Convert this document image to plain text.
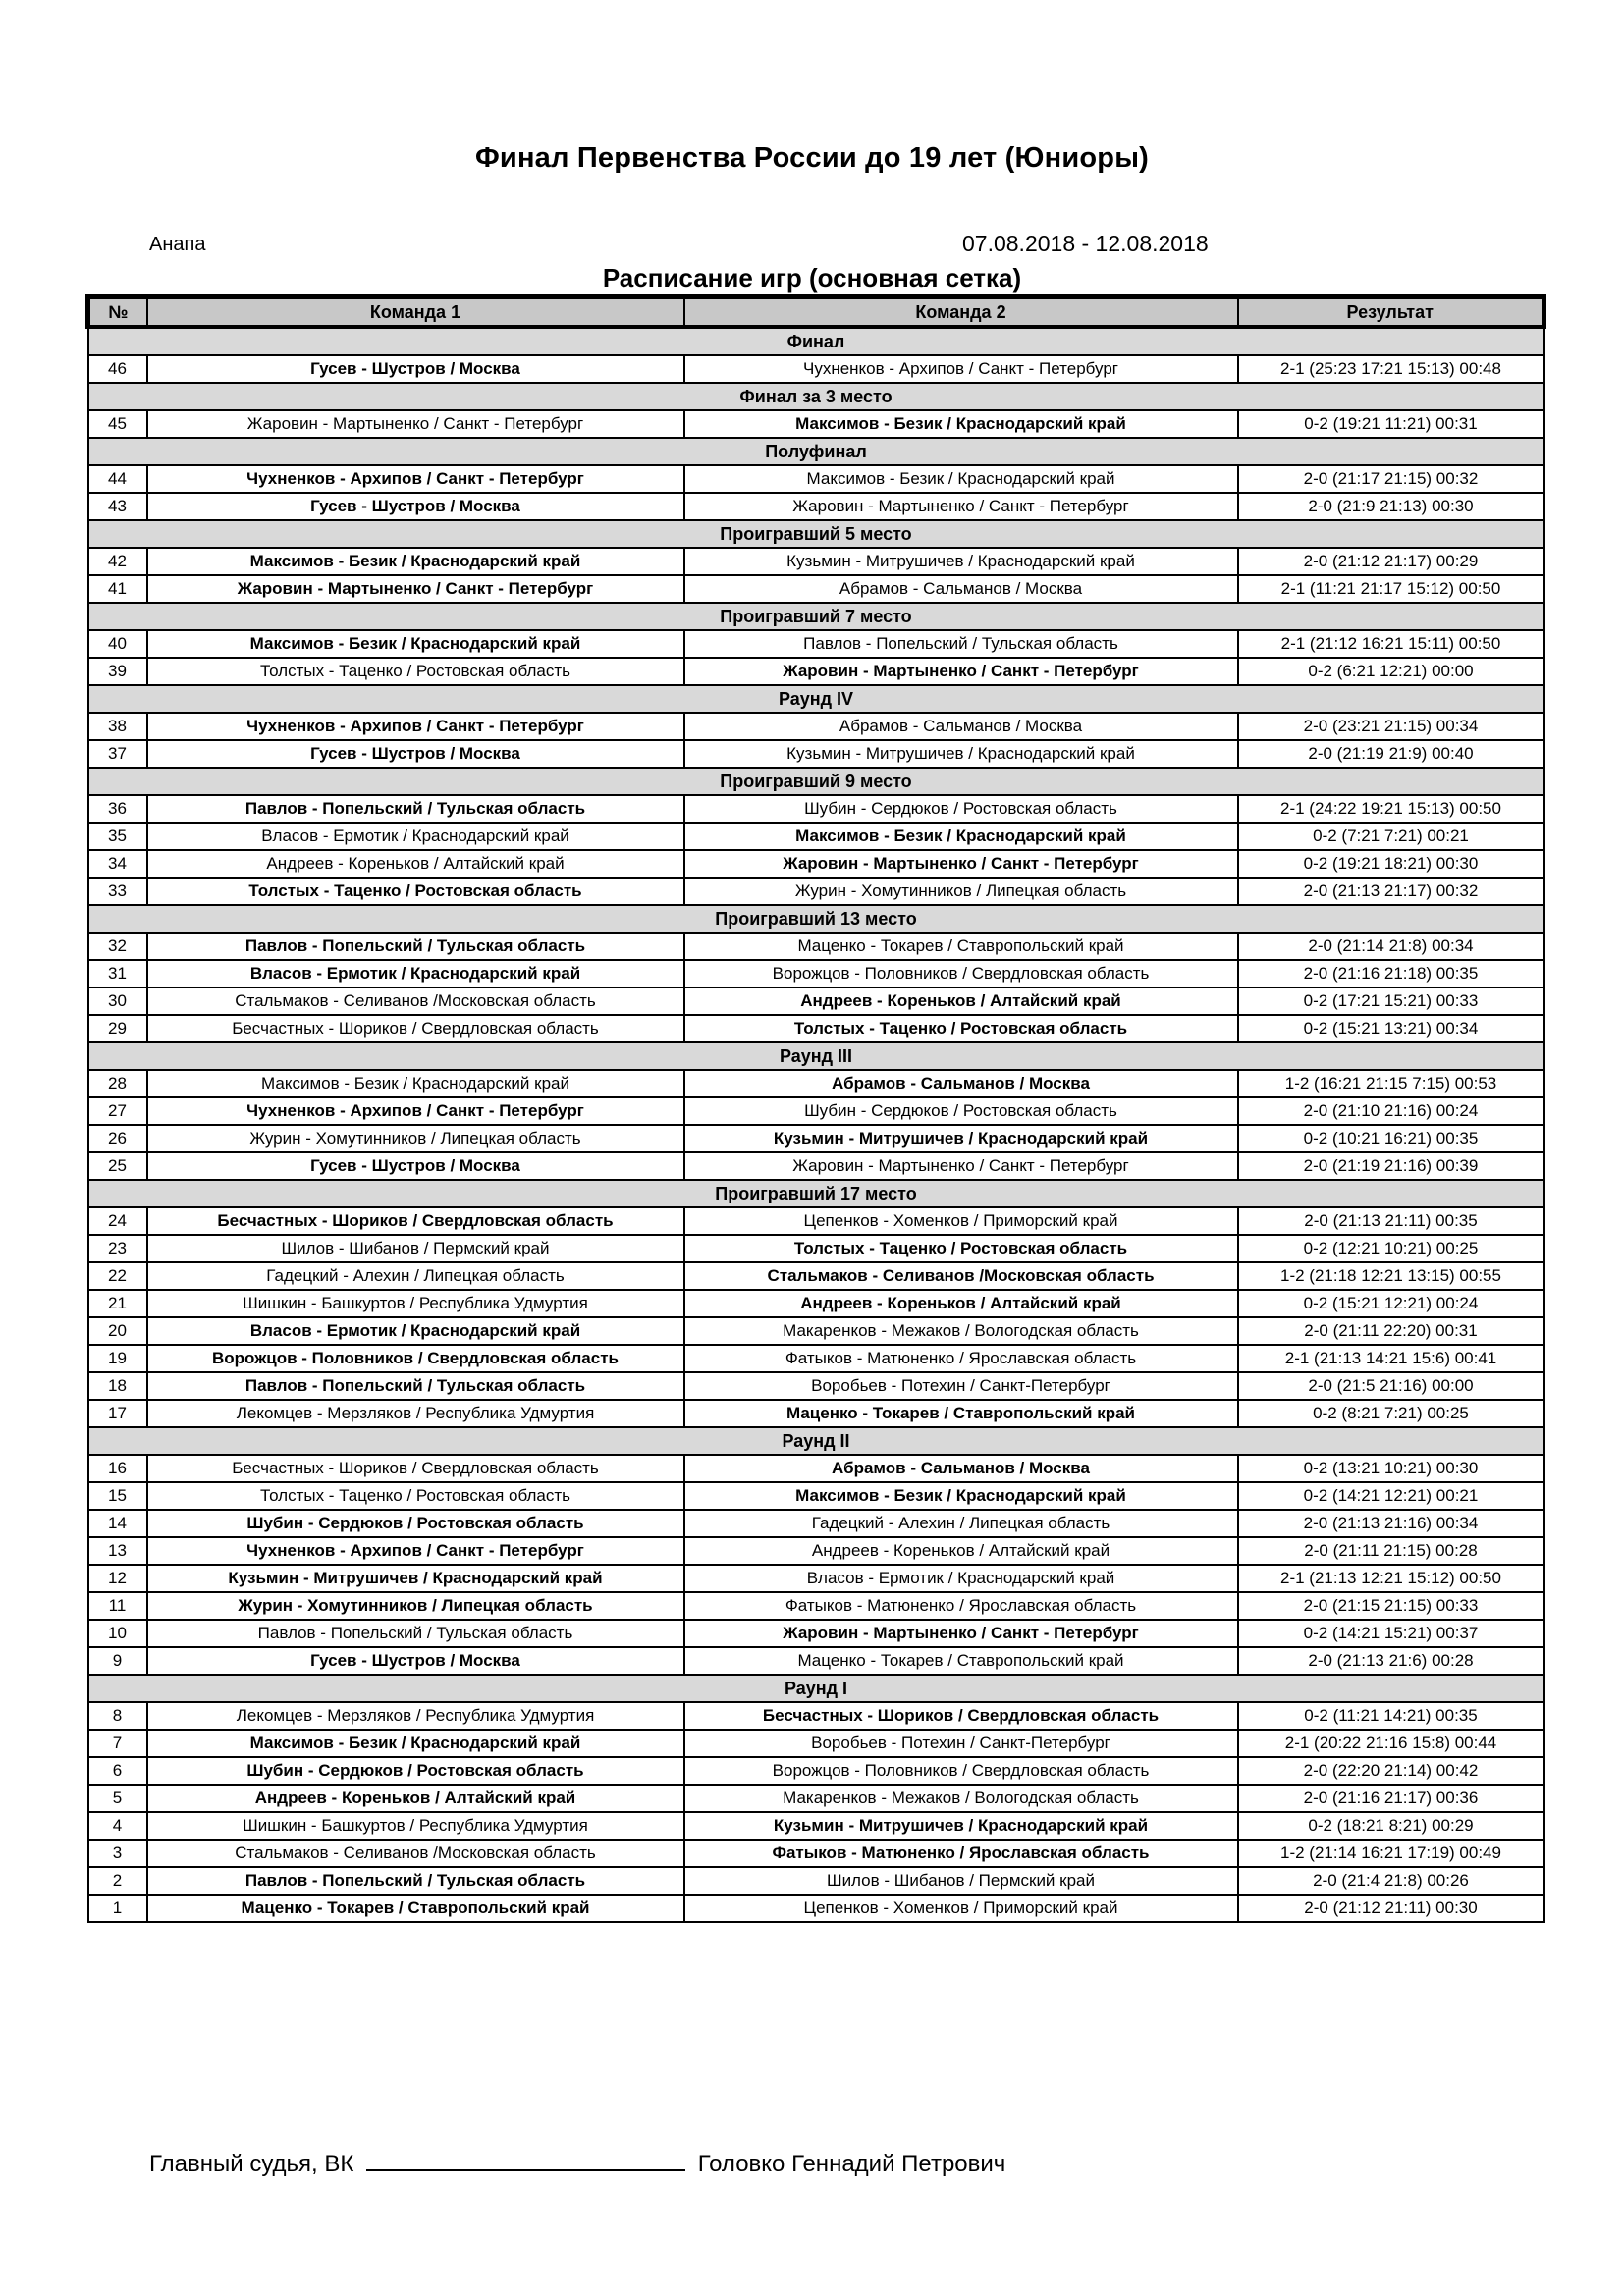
Финал Первенства России до 19 лет (Юниоры)
Анапа	07.08.2018 - 12.08.2018
Расписание игр (основная сетка)
№	Команда 1	Команда 2	Результат
Финал			
46	Гусев - Шустров / Москва	Чухненков - Архипов / Санкт - Петербург	2-1 (25:23 17:21 15:13) 00:48
Финал за 3 место			
45	Жаровин - Мартыненко / Санкт - Петербург	Максимов - Безик / Краснодарский край	0-2 (19:21 11:21) 00:31
Полуфинал			
44	Чухненков - Архипов / Санкт - Петербург	Максимов - Безик / Краснодарский край	2-0 (21:17 21:15) 00:32
43	Гусев - Шустров / Москва	Жаровин - Мартыненко / Санкт - Петербург	2-0 (21:9 21:13) 00:30
Проигравший 5 место			
42	Максимов - Безик / Краснодарский край	Кузьмин - Митрушичев / Краснодарский край	2-0 (21:12 21:17) 00:29
41	Жаровин - Мартыненко / Санкт - Петербург	Абрамов - Сальманов / Москва	2-1 (11:21 21:17 15:12) 00:50
Проигравший 7 место			
40	Максимов - Безик / Краснодарский край	Павлов - Попельский / Тульская область	2-1 (21:12 16:21 15:11) 00:50
39	Толстых - Таценко / Ростовская область	Жаровин - Мартыненко / Санкт - Петербург	0-2 (6:21 12:21) 00:00
Раунд IV			
38	Чухненков - Архипов / Санкт - Петербург	Абрамов - Сальманов / Москва	2-0 (23:21 21:15) 00:34
37	Гусев - Шустров / Москва	Кузьмин - Митрушичев / Краснодарский край	2-0 (21:19 21:9) 00:40
Проигравший 9 место			
36	Павлов - Попельский / Тульская область	Шубин - Сердюков / Ростовская область	2-1 (24:22 19:21 15:13) 00:50
35	Власов - Ермотик / Краснодарский край	Максимов - Безик / Краснодарский край	0-2 (7:21 7:21) 00:21
34	Андреев - Кореньков / Алтайский край	Жаровин - Мартыненко / Санкт - Петербург	0-2 (19:21 18:21) 00:30
33	Толстых - Таценко / Ростовская область	Журин - Хомутинников / Липецкая область	2-0 (21:13 21:17) 00:32
Проигравший 13 место			
32	Павлов - Попельский / Тульская область	Маценко - Токарев / Ставропольский край	2-0 (21:14 21:8) 00:34
31	Власов - Ермотик / Краснодарский край	Ворожцов - Половников / Свердловская область	2-0 (21:16 21:18) 00:35
30	Стальмаков - Селиванов /Московская область	Андреев - Кореньков / Алтайский край	0-2 (17:21 15:21) 00:33
29	Бесчастных - Шориков / Свердловская область	Толстых - Таценко / Ростовская область	0-2 (15:21 13:21) 00:34
Раунд III			
28	Максимов - Безик / Краснодарский край	Абрамов - Сальманов / Москва	1-2 (16:21 21:15 7:15) 00:53
27	Чухненков - Архипов / Санкт - Петербург	Шубин - Сердюков / Ростовская область	2-0 (21:10 21:16) 00:24
26	Журин - Хомутинников / Липецкая область	Кузьмин - Митрушичев / Краснодарский край	0-2 (10:21 16:21) 00:35
25	Гусев - Шустров / Москва	Жаровин - Мартыненко / Санкт - Петербург	2-0 (21:19 21:16) 00:39
Проигравший 17 место			
24	Бесчастных - Шориков / Свердловская область	Цепенков - Хоменков / Приморский край	2-0 (21:13 21:11) 00:35
23	Шилов - Шибанов / Пермский край	Толстых - Таценко / Ростовская область	0-2 (12:21 10:21) 00:25
22	Гадецкий - Алехин / Липецкая область	Стальмаков - Селиванов /Московская область	1-2 (21:18 12:21 13:15) 00:55
21	Шишкин - Башкуртов / Республика Удмуртия	Андреев - Кореньков / Алтайский край	0-2 (15:21 12:21) 00:24
20	Власов - Ермотик / Краснодарский край	Макаренков - Межаков / Вологодская область	2-0 (21:11 22:20) 00:31
19	Ворожцов - Половников / Свердловская область	Фатыков - Матюненко / Ярославская область	2-1 (21:13 14:21 15:6) 00:41
18	Павлов - Попельский / Тульская область	Воробьев - Потехин / Санкт-Петербург	2-0 (21:5 21:16) 00:00
17	Лекомцев - Мерзляков / Республика Удмуртия	Маценко - Токарев / Ставропольский край	0-2 (8:21 7:21) 00:25
Раунд II			
16	Бесчастных - Шориков / Свердловская область	Абрамов - Сальманов / Москва	0-2 (13:21 10:21) 00:30
15	Толстых - Таценко / Ростовская область	Максимов - Безик / Краснодарский край	0-2 (14:21 12:21) 00:21
14	Шубин - Сердюков / Ростовская область	Гадецкий - Алехин / Липецкая область	2-0 (21:13 21:16) 00:34
13	Чухненков - Архипов / Санкт - Петербург	Андреев - Кореньков / Алтайский край	2-0 (21:11 21:15) 00:28
12	Кузьмин - Митрушичев / Краснодарский край	Власов - Ермотик / Краснодарский край	2-1 (21:13 12:21 15:12) 00:50
11	Журин - Хомутинников / Липецкая область	Фатыков - Матюненко / Ярославская область	2-0 (21:15 21:15) 00:33
10	Павлов - Попельский / Тульская область	Жаровин - Мартыненко / Санкт - Петербург	0-2 (14:21 15:21) 00:37
9	Гусев - Шустров / Москва	Маценко - Токарев / Ставропольский край	2-0 (21:13 21:6) 00:28
Раунд I			
8	Лекомцев - Мерзляков / Республика Удмуртия	Бесчастных - Шориков / Свердловская область	0-2 (11:21 14:21) 00:35
7	Максимов - Безик / Краснодарский край	Воробьев - Потехин / Санкт-Петербург	2-1 (20:22 21:16 15:8) 00:44
6	Шубин - Сердюков / Ростовская область	Ворожцов - Половников / Свердловская область	2-0 (22:20 21:14) 00:42
5	Андреев - Кореньков / Алтайский край	Макаренков - Межаков / Вологодская область	2-0 (21:16 21:17) 00:36
4	Шишкин - Башкуртов / Республика Удмуртия	Кузьмин - Митрушичев / Краснодарский край	0-2 (18:21 8:21) 00:29
3	Стальмаков - Селиванов /Московская область	Фатыков - Матюненко / Ярославская область	1-2 (21:14 16:21 17:19) 00:49
2	Павлов - Попельский / Тульская область	Шилов - Шибанов / Пермский край	2-0 (21:4 21:8) 00:26
1	Маценко - Токарев / Ставропольский край	Цепенков - Хоменков / Приморский край	2-0 (21:12 21:11) 00:30
Главный судья, ВК	Головко Геннадий Петрович
